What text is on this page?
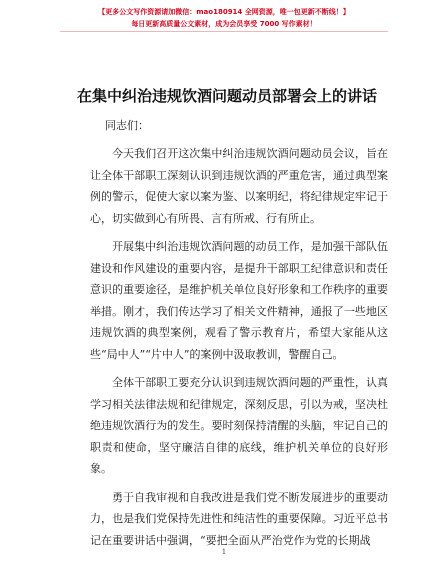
【更多公文写作资源请加微信：mao180914 全网资源，唯一包更新不断线！】
每日更新高质量公文素材，成为会员享受 7000 写作素材！
在集中纠治违规饮酒问题动员部署会上的讲话

同志们：

今天我们召开这次集中纠治违规饮酒问题动员会议，旨在让全体干部职工深刻认识到违规饮酒的严重危害，通过典型案例的警示，促使大家以案为鉴、以案明纪，将纪律规定牢记于心，切实做到心有所畏、言有所戒、行有所止。

开展集中纠治违规饮酒问题的动员工作，是加强干部队伍建设和作风建设的重要内容，是提升干部职工纪律意识和责任意识的重要途径，是维护机关单位良好形象和工作秩序的重要举措。刚才，我们传达学习了相关文件精神，通报了一些地区违规饮酒的典型案例，观看了警示教育片，希望大家能从这些“局中人”“片中人”的案例中汲取教训，警醒自己。

全体干部职工要充分认识到违规饮酒问题的严重性，认真学习相关法律法规和纪律规定，深刻反思，引以为戒，坚决杜绝违规饮酒行为的发生。要时刻保持清醒的头脑，牢记自己的职责和使命，坚守廉洁自律的底线，维护机关单位的良好形象。

勇于自我审视和自我改进是我们党不断发展进步的重要动力，也是我们党保持先进性和纯洁性的重要保障。习近平总书记在重要讲话中强调，“要把全面从严治党作为党的长期战

1
